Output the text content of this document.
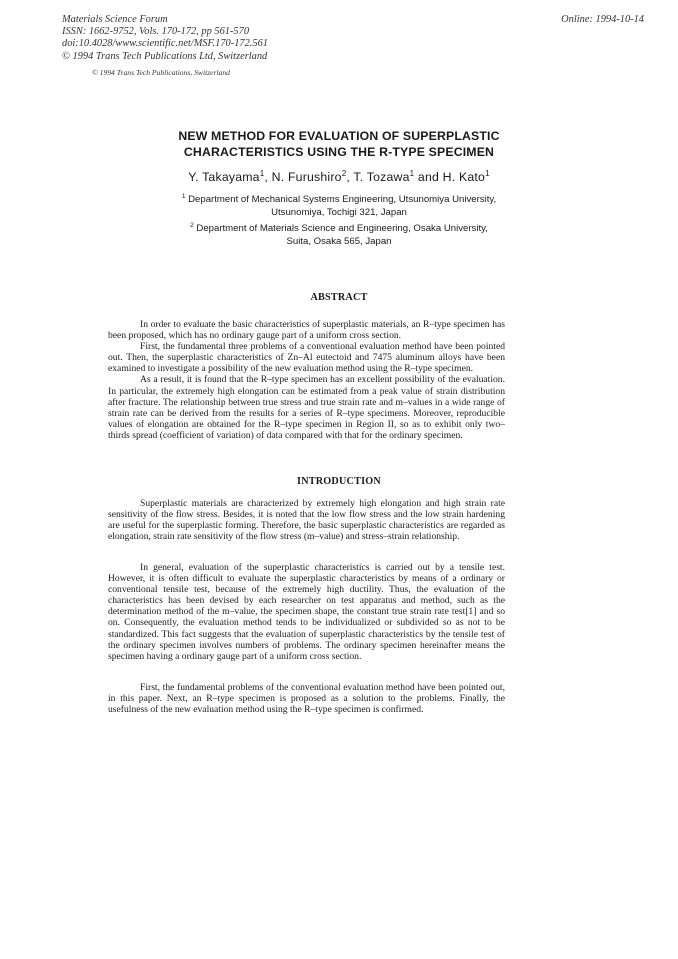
Materials Science Forum
ISSN: 1662-9752, Vols. 170-172, pp 561-570
doi:10.4028/www.scientific.net/MSF.170-172.561
© 1994 Trans Tech Publications Ltd, Switzerland
Online: 1994-10-14
© 1994 Trans Tech Publications, Switzerland
NEW METHOD FOR EVALUATION OF SUPERPLASTIC
CHARACTERISTICS USING THE R-TYPE SPECIMEN
Y. Takayama$^1$, N. Furushiro$^2$, T. Tozawa$^1$ and H. Kato$^1$
$^1$ Department of Mechanical Systems Engineering, Utsunomiya University,
Utsunomiya, Tochigi 321, Japan
$^2$ Department of Materials Science and Engineering, Osaka University,
Suita, Osaka 565, Japan
ABSTRACT

In order to evaluate the basic characteristics of superplastic materials, an R–type specimen has been proposed, which has no ordinary gauge part of a uniform cross section.

First, the fundamental three problems of a conventional evaluation method have been pointed out. Then, the superplastic characteristics of Zn–Al eutectoid and 7475 aluminum alloys have been examined to investigate a possibility of the new evaluation method using the R–type specimen.

As a result, it is found that the R–type specimen has an excellent possibility of the evaluation. In particular, the extremely high elongation can be estimated from a peak value of strain distribution after fracture. The relationship between true stress and true strain rate and m–values in a wide range of strain rate can be derived from the results for a series of R–type specimens. Moreover, reproducible values of elongation are obtained for the R–type specimen in Region II, so as to exhibit only two–thirds spread (coefficient of variation) of data compared with that for the ordinary specimen.

INTRODUCTION

Superplastic materials are characterized by extremely high elongation and high strain rate sensitivity of the flow stress. Besides, it is noted that the low flow stress and the low strain hardening are useful for the superplastic forming. Therefore, the basic superplastic characteristics are regarded as elongation, strain rate sensitivity of the flow stress (m–value) and stress–strain relationship.

In general, evaluation of the superplastic characteristics is carried out by a tensile test. However, it is often difficult to evaluate the superplastic characteristics by means of a ordinary or conventional tensile test, because of the extremely high ductility. Thus, the evaluation of the characteristics has been devised by each researcher on test apparatus and method, such as the determination method of the m–value, the specimen shape, the constant true strain rate test[1] and so on. Consequently, the evaluation method tends to be individualized or subdivided so as not to be standardized. This fact suggests that the evaluation of superplastic characteristics by the tensile test of the ordinary specimen involves numbers of problems. The ordinary specimen hereinafter means the specimen having a ordinary gauge part of a uniform cross section.

First, the fundamental problems of the conventional evaluation method have been pointed out, in this paper. Next, an R–type specimen is proposed as a solution to the problems. Finally, the usefulness of the new evaluation method using the R–type specimen is confirmed.
